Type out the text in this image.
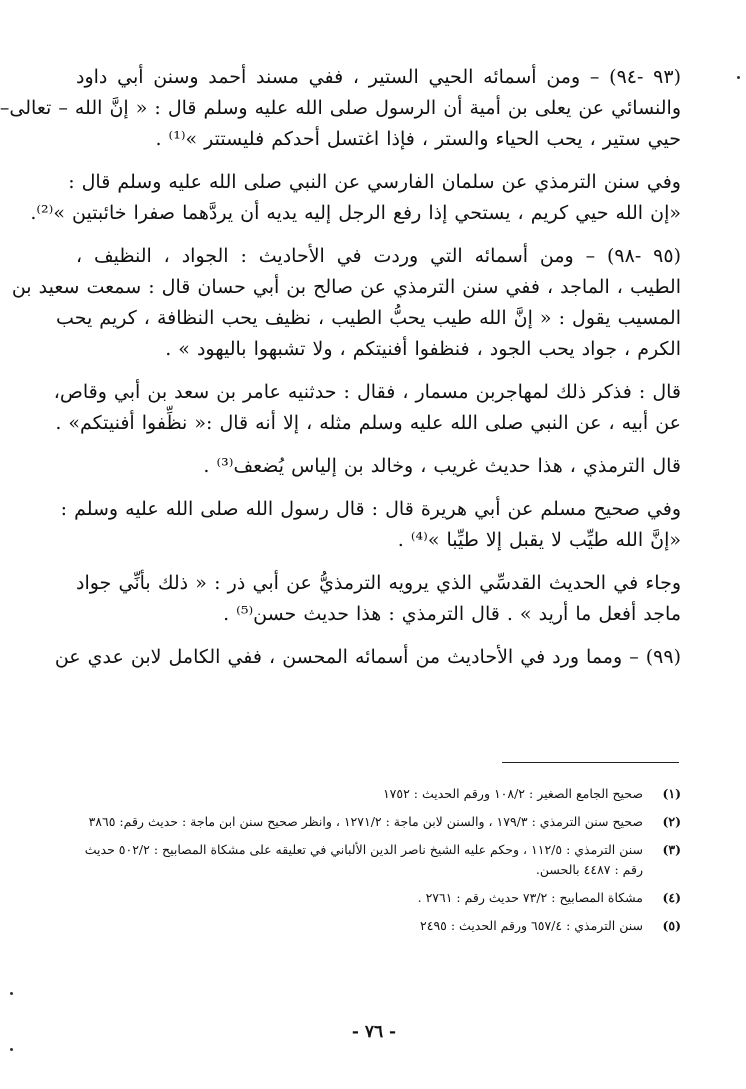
(٩٣ -٩٤) – ومن أسمائه الحيي الستير ، ففي مسند أحمد وسنن أبي داود
والنسائي عن يعلى بن أمية أن الرسول صلى الله عليه وسلم قال : « إنَّ الله – تعالى–
حيي ستير ، يحب الحياء والستر ، فإذا اغتسل أحدكم فليستتر »⁽¹⁾ .

وفي سنن الترمذي عن سلمان الفارسي عن النبي صلى الله عليه وسلم قال :
«إن الله حيي كريم ، يستحي إذا رفع الرجل إليه يديه أن يردَّهما صفرا خائبتين »⁽²⁾.

(٩٥ -٩٨) – ومن أسمائه التي وردت في الأحاديث : الجواد ، النظيف ،
الطيب ، الماجد ، ففي سنن الترمذي عن صالح بن أبي حسان قال : سمعت سعيد بن
المسيب يقول : « إنَّ الله طيب يحبُّ الطيب ، نظيف يحب النظافة ، كريم يحب
الكرم ، جواد يحب الجود ، فنظفوا أفنيتكم ، ولا تشبهوا باليهود » .

قال : فذكر ذلك لمهاجربن مسمار ، فقال : حدثنيه عامر بن سعد بن أبي وقاص،
عن أبيه ، عن النبي صلى الله عليه وسلم مثله ، إلا أنه قال :« نظِّفوا أفنيتكم» .

قال الترمذي ، هذا حديث غريب ، وخالد بن إلياس يُضعف⁽³⁾ .

وفي صحيح مسلم عن أبي هريرة قال : قال رسول الله صلى الله عليه وسلم :
«إنَّ الله طيِّب لا يقبل إلا طيِّبا »⁽⁴⁾ .

وجاء في الحديث القدسِّي الذي يرويه الترمذيُّ عن أبي ذر : « ذلك بأنِّي جواد
ماجد أفعل ما أريد » . قال الترمذي : هذا حديث حسن⁽⁵⁾ .

(٩٩) – ومما ورد في الأحاديث من أسمائه المحسن ، ففي الكامل لابن عدي عن

(١)
صحيح الجامع الصغير : ١٠٨/٢ ورقم الحديث : ١٧٥٢
(٢)
صحيح سنن الترمذي : ١٧٩/٣ ، والسنن لابن ماجة : ١٢٧١/٢ ، وانظر صحيح سنن ابن ماجة : حديث رقم: ٣٨٦٥
(٣)
سنن الترمذي : ١١٢/٥ ، وحكم عليه الشيخ ناصر الدين الألباني في تعليقه على مشكاة المصابيح : ٥٠٢/٢ حديث رقم : ٤٤٨٧ بالحسن.
(٤)
مشكاة المصابيح : ٧٣/٢ حديث رقم : ٢٧٦١ .
(٥)
سنن الترمذي : ٦٥٧/٤ ورقم الحديث : ٢٤٩٥
- ٧٦ -
